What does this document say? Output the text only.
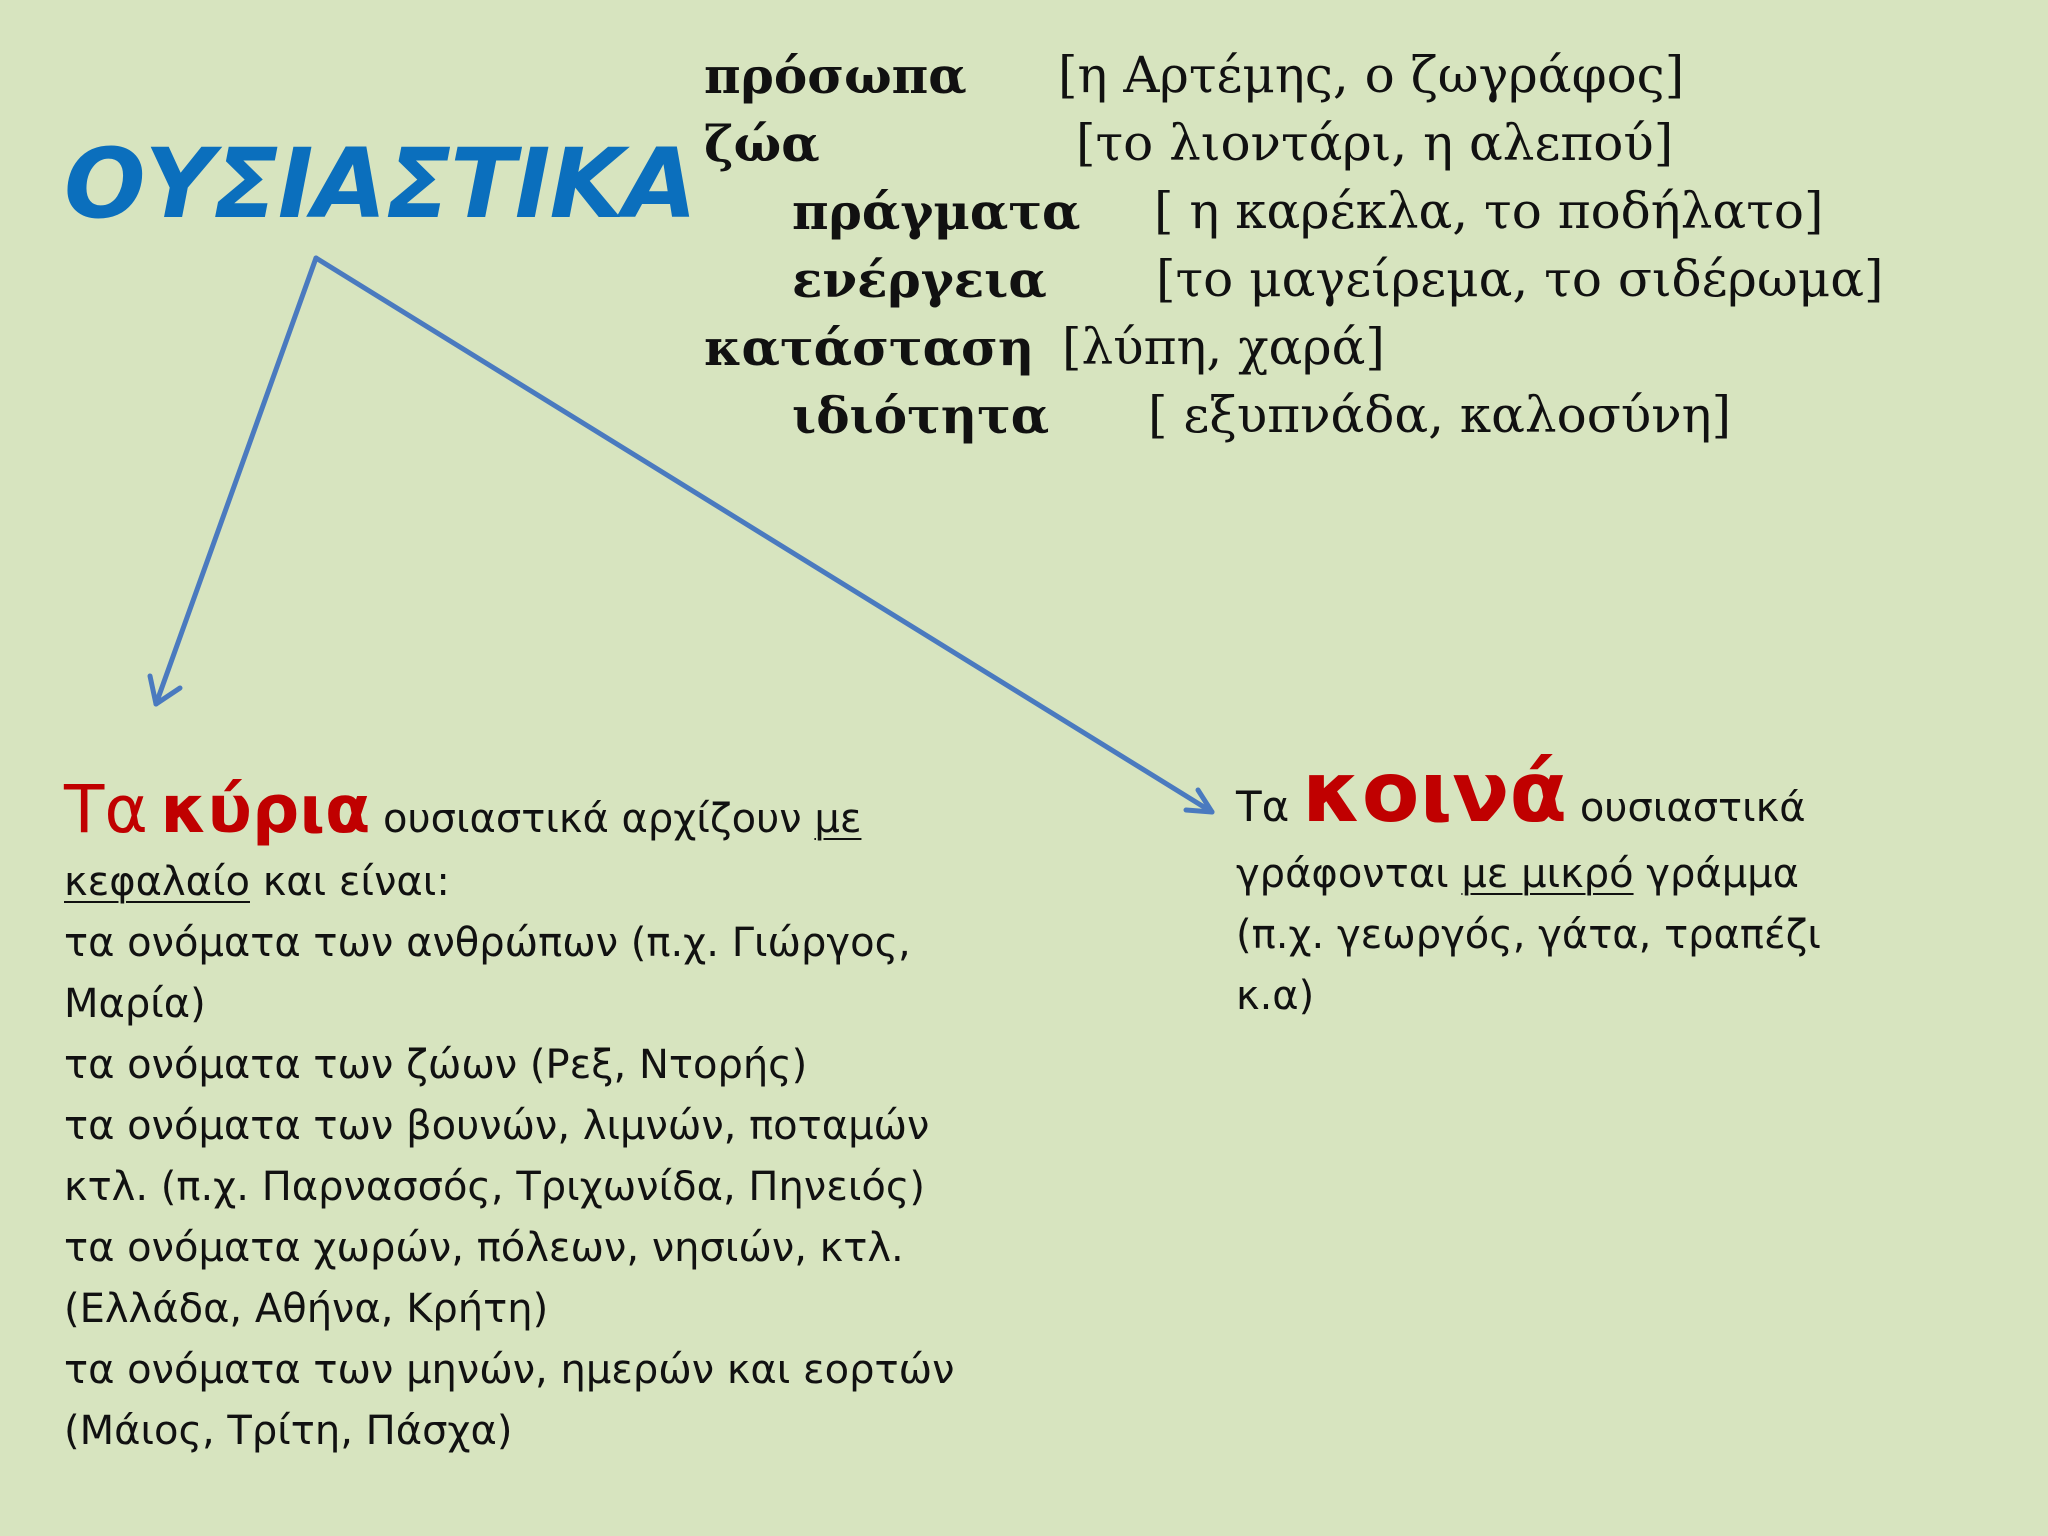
ΟΥΣΙΑΣΤΙΚΑ
πρόσωπα [η Αρτέμης, ο ζωγράφος]
ζώα	[το λιοντάρι, η αλεπού]
πράγματα [ η καρέκλα, το ποδήλατο]
ενέργεια [το μαγείρεμα, το σιδέρωμα]
κατάσταση [λύπη, χαρά]
ιδιότητα [ εξυπνάδα, καλοσύνη]
Τα κύρια ουσιαστικά αρχίζουν με
κεφαλαίο και είναι:
τα ονόματα των ανθρώπων (π.χ. Γιώργος,
Μαρία)
τα ονόματα των ζώων (Ρεξ, Ντορής)
τα ονόματα των βουνών, λιμνών, ποταμών
κτλ. (π.χ. Παρνασσός, Τριχωνίδα, Πηνειός)
τα ονόματα χωρών, πόλεων, νησιών, κτλ.
(Ελλάδα, Αθήνα, Κρήτη)
τα ονόματα των μηνών, ημερών και εορτών
(Μάιος, Τρίτη, Πάσχα)
Τα κοινά ουσιαστικά
γράφονται με μικρό γράμμα
(π.χ. γεωργός, γάτα, τραπέζι
κ.α)
